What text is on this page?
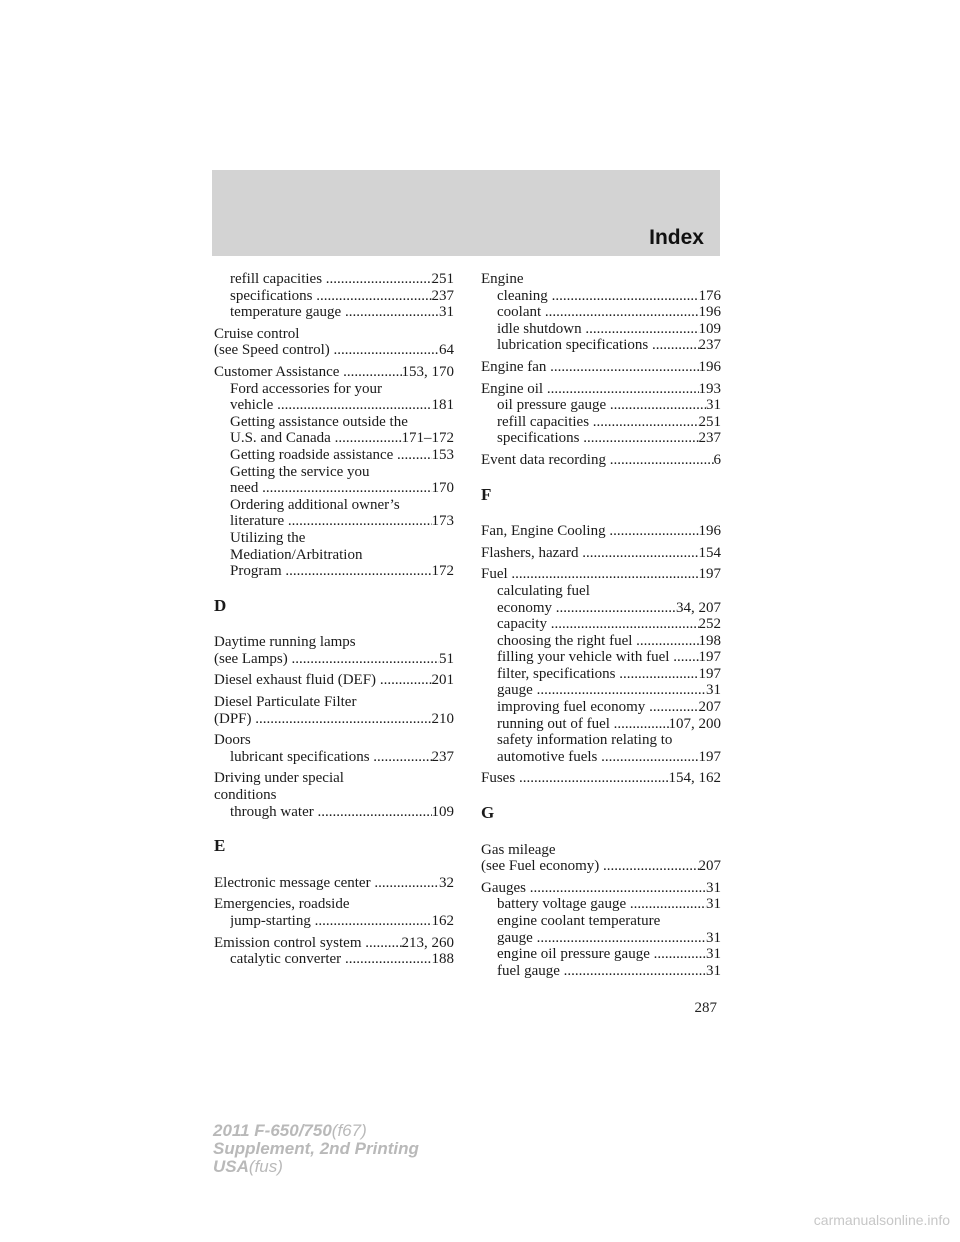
Index
refill capacities .....	251
specifications .....	237
temperature gauge .....	31
Cruise control
(see Speed control) .....	64
Customer Assistance .....	153, 170
Ford accessories for your
vehicle .....	181
Getting assistance outside the
U.S. and Canada .....	171–172
Getting roadside assistance .....	153
Getting the service you
need .....	170
Ordering additional owner’s
literature .....	173
Utilizing the
Mediation/Arbitration
Program .....	172
D
Daytime running lamps
(see Lamps) .....	51
Diesel exhaust fluid (DEF) .....	201
Diesel Particulate Filter
(DPF) .....	210
Doors
lubricant specifications .....	237
Driving under special
conditions
through water .....	109
E
Electronic message center .....	32
Emergencies, roadside
jump-starting .....	162
Emission control system .....	213, 260
catalytic converter .....	188
Engine
cleaning .....	176
coolant .....	196
idle shutdown .....	109
lubrication specifications .....	237
Engine fan .....	196
Engine oil .....	193
oil pressure gauge .....	31
refill capacities .....	251
specifications .....	237
Event data recording .....	6
F
Fan, Engine Cooling .....	196
Flashers, hazard .....	154
Fuel .....	197
calculating fuel
economy .....	34, 207
capacity .....	252
choosing the right fuel .....	198
filling your vehicle with fuel .....	197
filter, specifications .....	197
gauge .....	31
improving fuel economy .....	207
running out of fuel .....	107, 200
safety information relating to
automotive fuels .....	197
Fuses .....	154, 162
G
Gas mileage
(see Fuel economy) .....	207
Gauges .....	31
battery voltage gauge .....	31
engine coolant temperature
gauge .....	31
engine oil pressure gauge .....	31
fuel gauge .....	31
287
2011 F-650/750(f67)
Supplement, 2nd Printing
USA(fus)
carmanualsonline.info
